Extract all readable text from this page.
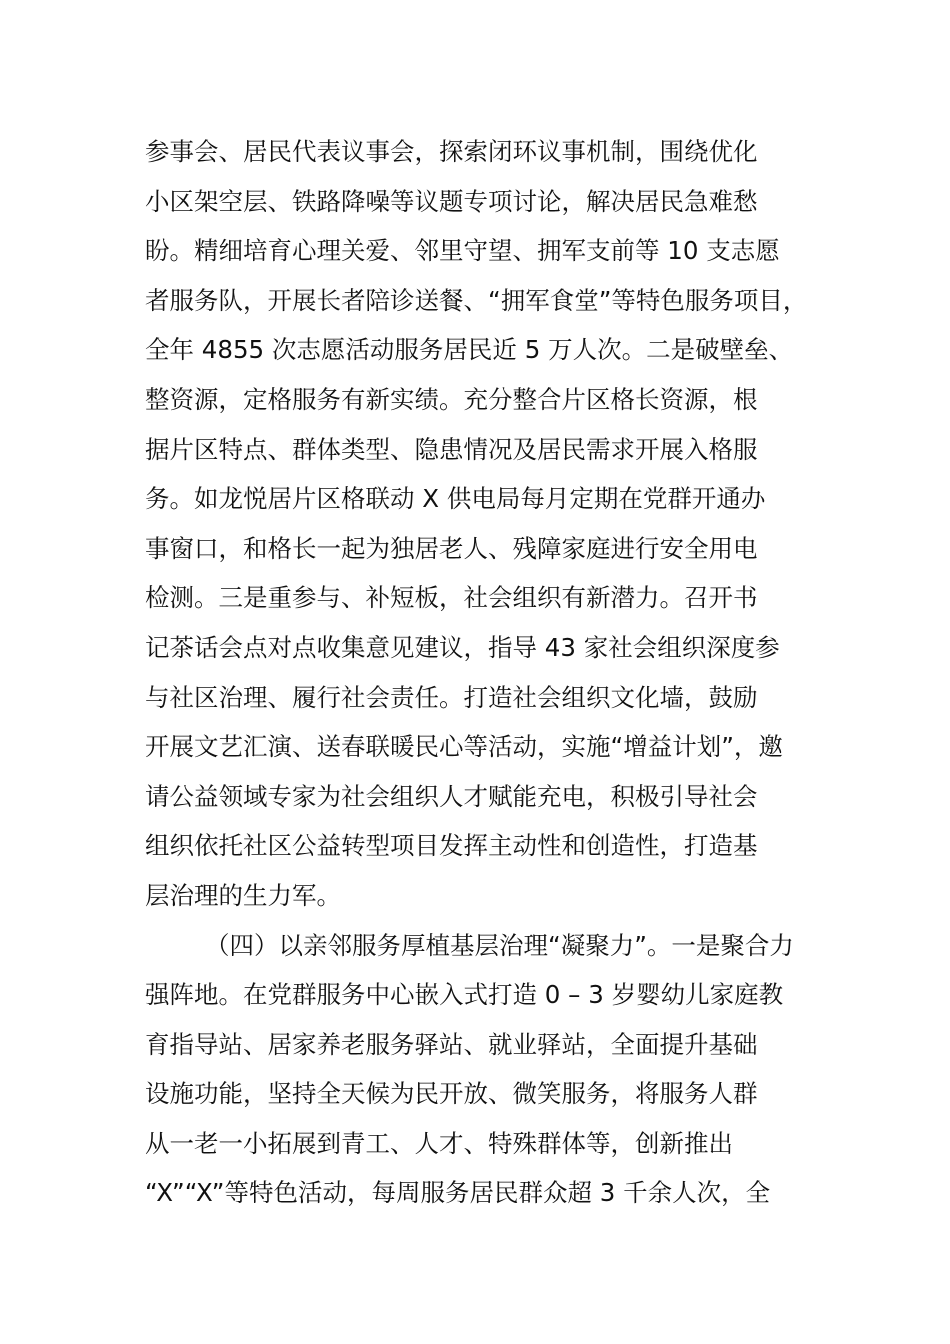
参事会、居民代表议事会，探索闭环议事机制，围绕优化
小区架空层、铁路降噪等议题专项讨论，解决居民急难愁
盼。精细培育心理关爱、邻里守望、拥军支前等 10 支志愿
者服务队，开展长者陪诊送餐、“拥军食堂”等特色服务项目，
全年 4855 次志愿活动服务居民近 5 万人次。二是破壁垒、
整资源，定格服务有新实绩。充分整合片区格长资源，根
据片区特点、群体类型、隐患情况及居民需求开展入格服
务。如龙悦居片区格联动 X 供电局每月定期在党群开通办
事窗口，和格长一起为独居老人、残障家庭进行安全用电
检测。三是重参与、补短板，社会组织有新潜力。召开书
记茶话会点对点收集意见建议，指导 43 家社会组织深度参
与社区治理、履行社会责任。打造社会组织文化墙，鼓励
开展文艺汇演、送春联暖民心等活动，实施“增益计划”，邀
请公益领域专家为社会组织人才赋能充电，积极引导社会
组织依托社区公益转型项目发挥主动性和创造性，打造基
层治理的生力军。
（四）以亲邻服务厚植基层治理“凝聚力”。一是聚合力
强阵地。在党群服务中心嵌入式打造 0 – 3 岁婴幼儿家庭教
育指导站、居家养老服务驿站、就业驿站，全面提升基础
设施功能，坚持全天候为民开放、微笑服务，将服务人群
从一老一小拓展到青工、人才、特殊群体等，创新推出
“X”“X”等特色活动，每周服务居民群众超 3 千余人次，全
